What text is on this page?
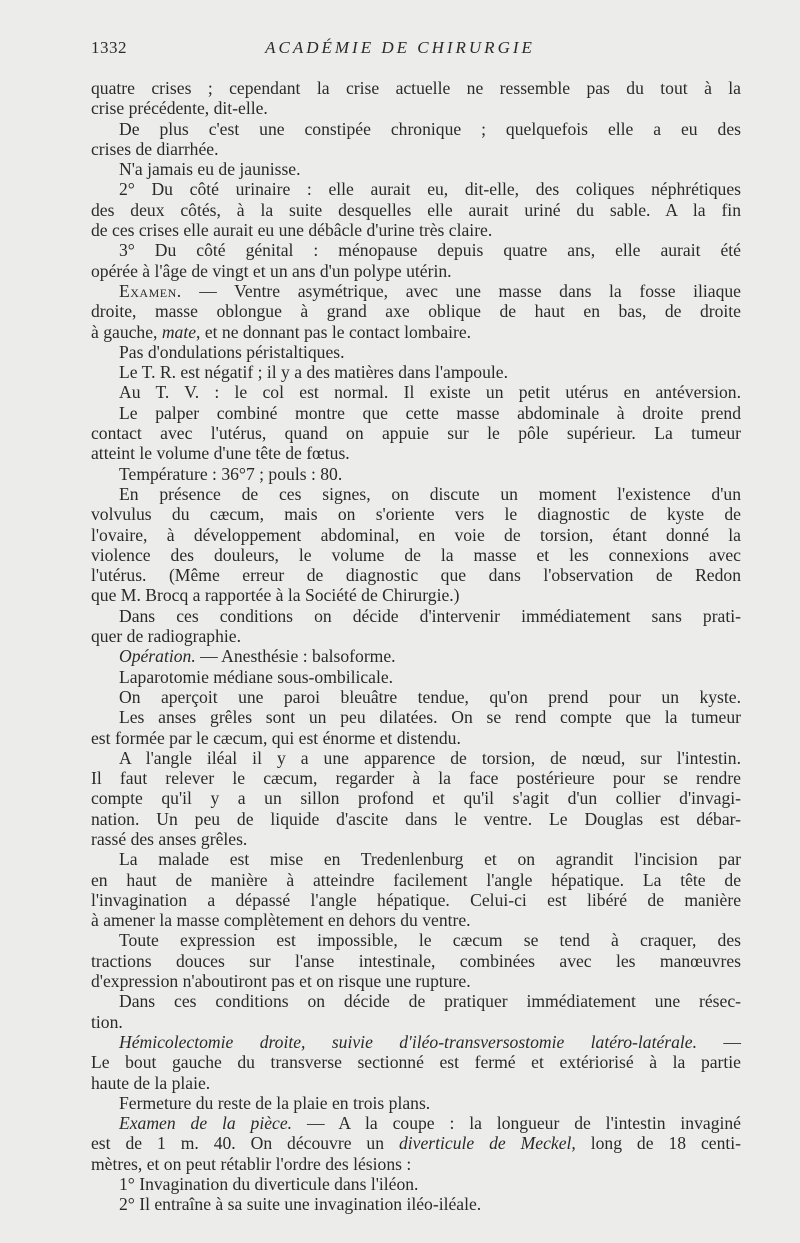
1332	ACADÉMIE DE CHIRURGIE
quatre crises ; cependant la crise actuelle ne ressemble pas du tout à la
crise précédente, dit-elle.
De plus c'est une constipée chronique ; quelquefois elle a eu des
crises de diarrhée.
N'a jamais eu de jaunisse.
2° Du côté urinaire : elle aurait eu, dit-elle, des coliques néphrétiques
des deux côtés, à la suite desquelles elle aurait uriné du sable. A la fin
de ces crises elle aurait eu une débâcle d'urine très claire.
3° Du côté génital : ménopause depuis quatre ans, elle aurait été
opérée à l'âge de vingt et un ans d'un polype utérin.
Examen. — Ventre asymétrique, avec une masse dans la fosse iliaque
droite, masse oblongue à grand axe oblique de haut en bas, de droite
à gauche, mate, et ne donnant pas le contact lombaire.
Pas d'ondulations péristaltiques.
Le T. R. est négatif ; il y a des matières dans l'ampoule.
Au T. V. : le col est normal. Il existe un petit utérus en antéversion.
Le palper combiné montre que cette masse abdominale à droite prend
contact avec l'utérus, quand on appuie sur le pôle supérieur. La tumeur
atteint le volume d'une tête de fœtus.
Température : 36°7 ; pouls : 80.
En présence de ces signes, on discute un moment l'existence d'un
volvulus du cæcum, mais on s'oriente vers le diagnostic de kyste de
l'ovaire, à développement abdominal, en voie de torsion, étant donné la
violence des douleurs, le volume de la masse et les connexions avec
l'utérus. (Même erreur de diagnostic que dans l'observation de Redon
que M. Brocq a rapportée à la Société de Chirurgie.)
Dans ces conditions on décide d'intervenir immédiatement sans prati-
quer de radiographie.
Opération. — Anesthésie : balsoforme.
Laparotomie médiane sous-ombilicale.
On aperçoit une paroi bleuâtre tendue, qu'on prend pour un kyste.
Les anses grêles sont un peu dilatées. On se rend compte que la tumeur
est formée par le cæcum, qui est énorme et distendu.
A l'angle iléal il y a une apparence de torsion, de nœud, sur l'intestin.
Il faut relever le cæcum, regarder à la face postérieure pour se rendre
compte qu'il y a un sillon profond et qu'il s'agit d'un collier d'invagi-
nation. Un peu de liquide d'ascite dans le ventre. Le Douglas est débar-
rassé des anses grêles.
La malade est mise en Tredenlenburg et on agrandit l'incision par
en haut de manière à atteindre facilement l'angle hépatique. La tête de
l'invagination a dépassé l'angle hépatique. Celui-ci est libéré de manière
à amener la masse complètement en dehors du ventre.
Toute expression est impossible, le cæcum se tend à craquer, des
tractions douces sur l'anse intestinale, combinées avec les manœuvres
d'expression n'aboutiront pas et on risque une rupture.
Dans ces conditions on décide de pratiquer immédiatement une résec-
tion.
Hémicolectomie droite, suivie d'iléo-transversostomie latéro-latérale. —
Le bout gauche du transverse sectionné est fermé et extériorisé à la partie
haute de la plaie.
Fermeture du reste de la plaie en trois plans.
Examen de la pièce. — A la coupe : la longueur de l'intestin invaginé
est de 1 m. 40. On découvre un diverticule de Meckel, long de 18 centi-
mètres, et on peut rétablir l'ordre des lésions :
1° Invagination du diverticule dans l'iléon.
2° Il entraîne à sa suite une invagination iléo-iléale.
